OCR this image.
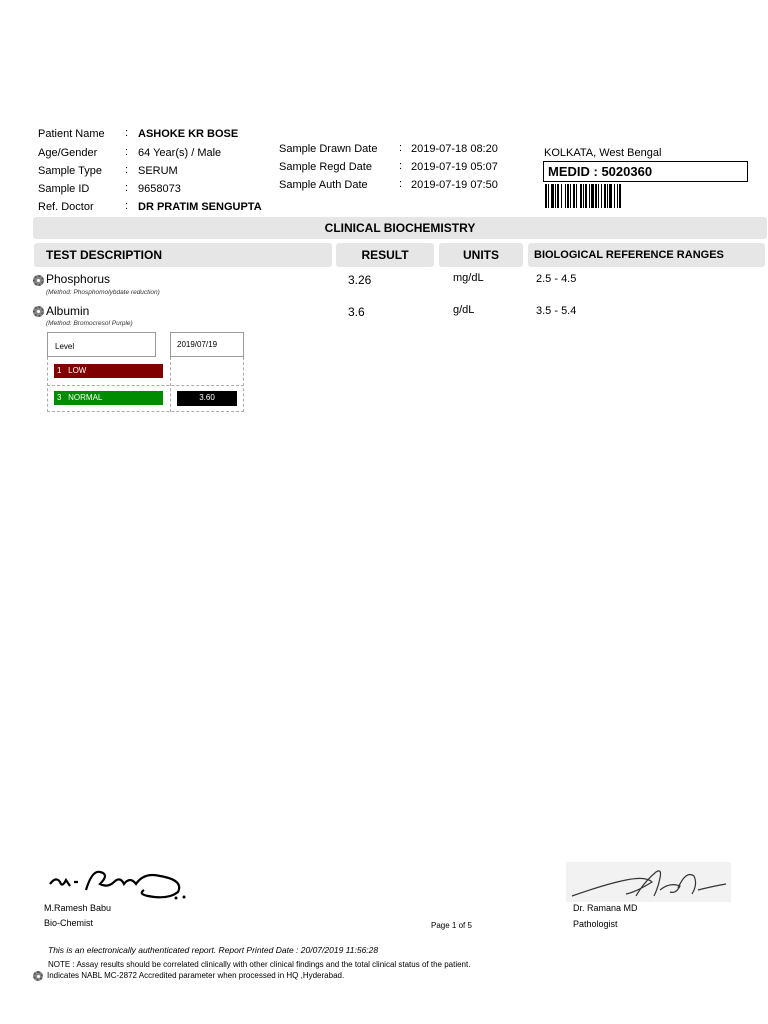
Patient Name : ASHOKE KR BOSE
Age/Gender	: 64 Year(s) / Male
Sample Type : SERUM
Sample ID	: 9658073
Ref. Doctor	: DR PRATIM SENGUPTA
Sample Drawn Date : 2019-07-18 08:20
Sample Regd Date : 2019-07-19 05:07
Sample Auth Date	: 2019-07-19 07:50
KOLKATA, West Bengal
MEDID : 5020360
CLINICAL BIOCHEMISTRY
TEST DESCRIPTION	RESULT	UNITS	BIOLOGICAL REFERENCE RANGES
Phosphorus
(Method: Phosphomolybdate reduction)
3.26	mg/dL	2.5 - 4.5
Albumin
(Method: Bromocresol Purple)
3.6	g/dL	3.5 - 5.4
Level	2019/07/19
1 LOW
3 NORMAL	3.60
M.Ramesh Babu
Bio-Chemist	Page 1 of 5
Dr. Ramana MD
Pathologist
This is an electronically authenticated report. Report Printed Date : 20/07/2019 11:56:28
NOTE : Assay results should be correlated clinically with other clinical findings and the total clinical status of the patient.
Indicates NABL MC-2872 Accredited parameter when processed in HQ ,Hyderabad.
